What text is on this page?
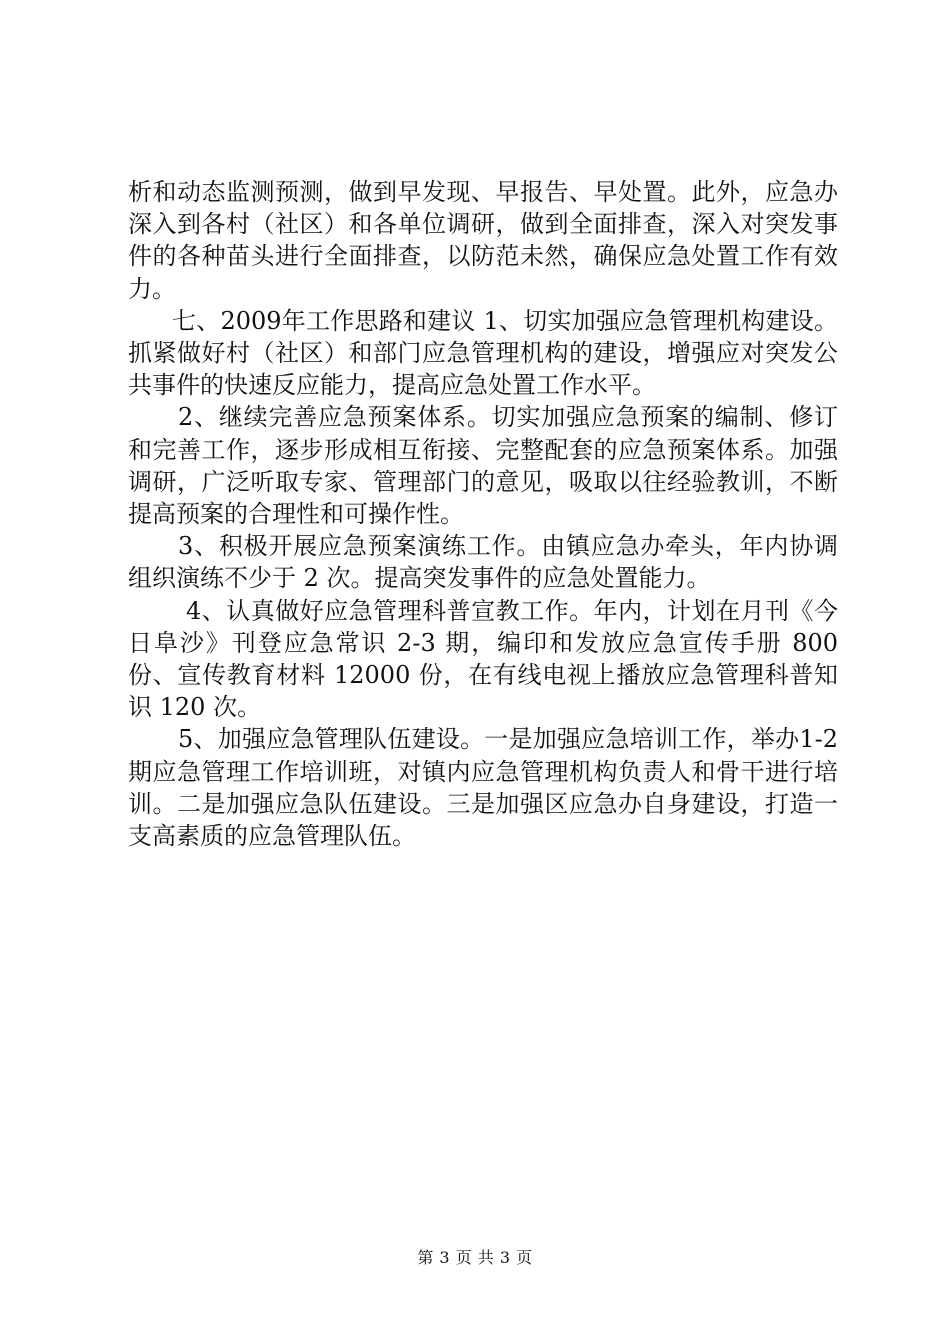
析和动态监测预测，做到早发现、早报告、早处置。此外，应急办深入到各村（社区）和各单位调研，做到全面排查，深入对突发事件的各种苗头进行全面排查，以防范未然，确保应急处置工作有效力。

七、2009年工作思路和建议 1、切实加强应急管理机构建设。抓紧做好村（社区）和部门应急管理机构的建设，增强应对突发公共事件的快速反应能力，提高应急处置工作水平。

2、继续完善应急预案体系。切实加强应急预案的编制、修订和完善工作，逐步形成相互衔接、完整配套的应急预案体系。加强调研，广泛听取专家、管理部门的意见，吸取以往经验教训，不断提高预案的合理性和可操作性。

3、积极开展应急预案演练工作。由镇应急办牵头，年内协调组织演练不少于 2 次。提高突发事件的应急处置能力。

4、认真做好应急管理科普宣教工作。年内，计划在月刊《今日阜沙》刊登应急常识 2-3 期，编印和发放应急宣传手册 800 份、宣传教育材料 12000 份，在有线电视上播放应急管理科普知识 120 次。

5、加强应急管理队伍建设。一是加强应急培训工作，举办1-2 期应急管理工作培训班，对镇内应急管理机构负责人和骨干进行培训。二是加强应急队伍建设。三是加强区应急办自身建设，打造一支高素质的应急管理队伍。

第 3 页 共 3 页
